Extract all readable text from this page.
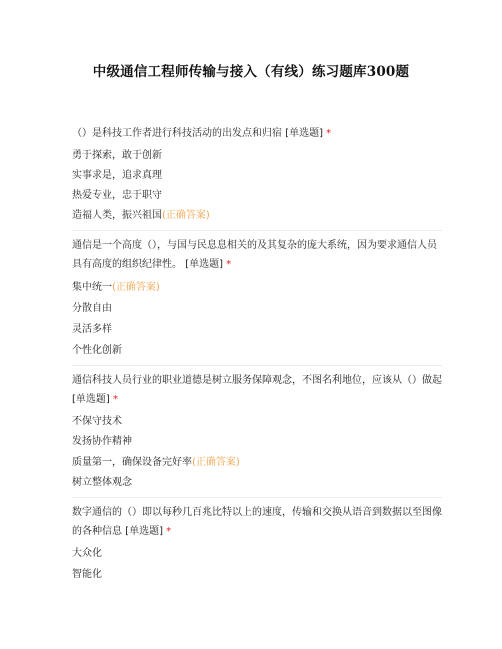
中级通信工程师传输与接入（有线）练习题库300题

（）是科技工作者进行科技活动的出发点和归宿 [单选题] *

勇于探索，敢于创新

实事求是，追求真理

热爱专业，忠于职守

造福人类，振兴祖国(正确答案)

通信是一个高度（），与国与民息息相关的及其复杂的庞大系统，因为要求通信人员具有高度的组织纪律性。 [单选题] *

集中统一(正确答案)

分散自由

灵活多样

个性化创新

通信科技人员行业的职业道德是树立服务保障观念，不图名利地位，应该从（）做起 [单选题] *

不保守技术

发扬协作精神

质量第一，确保设备完好率(正确答案)

树立整体观念

数字通信的（）即以每秒几百兆比特以上的速度，传输和交换从语音到数据以至图像的各种信息 [单选题] *

大众化

智能化
